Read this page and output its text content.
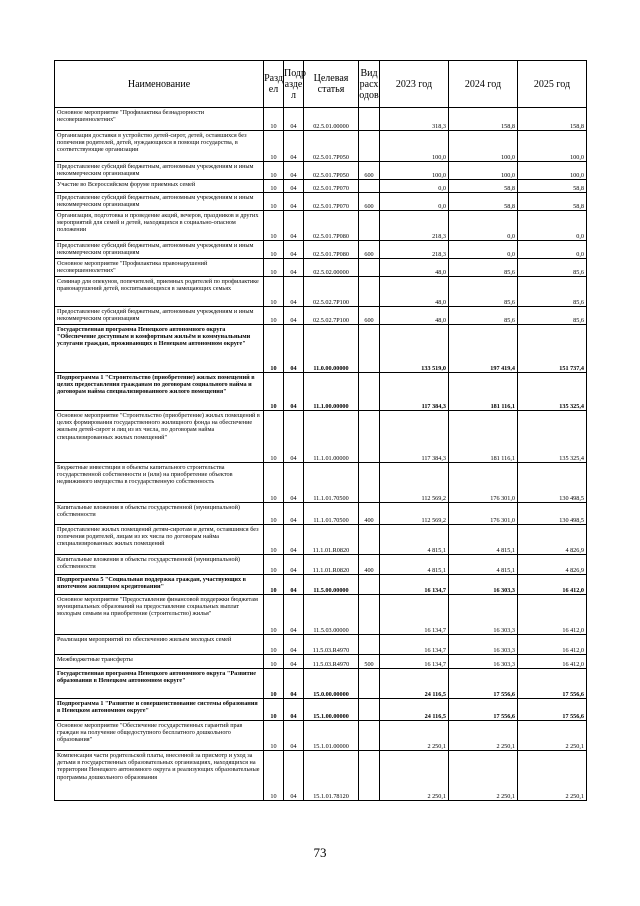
Наименование	Разд ел	Подр азде л	Целевая статья	Вид расх одов	2023 год	2024 год	2025 год
Основное мероприятие "Профилактика безнадзорности несовершеннолетних"	10	04	02.5.01.00000		318,3	158,8	158,8
Организация доставки в устройство детей-сирот, детей, оставшихся без попечения родителей, детей, нуждающихся в помощи государства, в соответствующие организации	10	04	02.5.01.7Р050		100,0	100,0	100,0
Предоставление субсидий бюджетным, автономным учреждениям и иным некоммерческим организациям	10	04	02.5.01.7Р050	600	100,0	100,0	100,0
Участие во Всероссийском форуме приемных семей	10	04	02.5.01.7Р070		0,0	58,8	58,8
Предоставление субсидий бюджетным, автономным учреждениям и иным некоммерческим организациям	10	04	02.5.01.7Р070	600	0,0	58,8	58,8
Организация, подготовка и проведение акций, вечеров, праздников и других мероприятий для семей и детей, находящихся в социально-опасном положении	10	04	02.5.01.7Р080		218,3	0,0	0,0
Предоставление субсидий бюджетным, автономным учреждениям и иным некоммерческим организациям	10	04	02.5.01.7Р080	600	218,3	0,0	0,0
Основное мероприятие "Профилактика правонарушений несовершеннолетних"	10	04	02.5.02.00000		48,0	85,6	85,6
Семинар для опекунов, попечителей, приемных родителей по профилактике правонарушений детей, воспитывающихся в замещающих семьях	10	04	02.5.02.7Р100		48,0	85,6	85,6
Предоставление субсидий бюджетным, автономным учреждениям и иным некоммерческим организациям	10	04	02.5.02.7Р100	600	48,0	85,6	85,6
Государственная программа Ненецкого автономного округа "Обеспечение доступным и комфортным жильём и коммунальными услугами граждан, проживающих в Ненецком автономном округе"	10	04	11.0.00.00000		133 519,0	197 419,4	151 737,4
Подпрограмма 1 "Строительство (приобретение) жилых помещений в целях предоставления гражданам по договорам социального найма и договорам найма специализированного жилого помещения"	10	04	11.1.00.00000		117 384,3	181 116,1	135 325,4
Основное мероприятие "Строительство (приобретение) жилых помещений в целях формирования государственного жилищного фонда на обеспечение жильем детей-сирот и лиц из их числа, по договорам найма специализированных жилых помещений"	10	04	11.1.01.00000		117 384,3	181 116,1	135 325,4
Бюджетные инвестиции в объекты капитального строительства государственной собственности и (или) на приобретение объектов недвижимого имущества в государственную собственность	10	04	11.1.01.70500		112 569,2	176 301,0	130 498,5
Капитальные вложения в объекты государственной (муниципальной) собственности	10	04	11.1.01.70500	400	112 569,2	176 301,0	130 498,5
Предоставление жилых помещений детям-сиротам и детям, оставшимся без попечения родителей, лицам из их числа по договорам найма специализированных жилых помещений	10	04	11.1.01.R0820		4 815,1	4 815,1	4 826,9
Капитальные вложения в объекты государственной (муниципальной) собственности	10	04	11.1.01.R0820	400	4 815,1	4 815,1	4 826,9
Подпрограмма 5 "Социальная поддержка граждан, участвующих в ипотечном жилищном кредитовании"	10	04	11.5.00.00000		16 134,7	16 303,3	16 412,0
Основное мероприятие "Предоставление финансовой поддержки бюджетам муниципальных образований на предоставление социальных выплат молодым семьям на приобретение (строительство) жилья"	10	04	11.5.03.00000		16 134,7	16 303,3	16 412,0
Реализация мероприятий по обеспечению жильем молодых семей	10	04	11.5.03.R4970		16 134,7	16 303,3	16 412,0
Межбюджетные трансферты	10	04	11.5.03.R4970	500	16 134,7	16 303,3	16 412,0
Государственная программа Ненецкого автономного округа "Развитие образования в Ненецком автономном округе"	10	04	15.0.00.00000		24 116,5	17 556,6	17 556,6
Подпрограмма 1 "Развитие и совершенствование системы образования в Ненецком автономном округе"	10	04	15.1.00.00000		24 116,5	17 556,6	17 556,6
Основное мероприятие "Обеспечение государственных гарантий прав граждан на получение общедоступного бесплатного дошкольного образования"	10	04	15.1.01.00000		2 250,1	2 250,1	2 250,1
Компенсация части родительской платы, внесенной за присмотр и уход за детьми в государственных образовательных организациях, находящихся на территории Ненецкого автономного округа и реализующих образовательные программы дошкольного образования	10	04	15.1.01.78120		2 250,1	2 250,1	2 250,1
73
